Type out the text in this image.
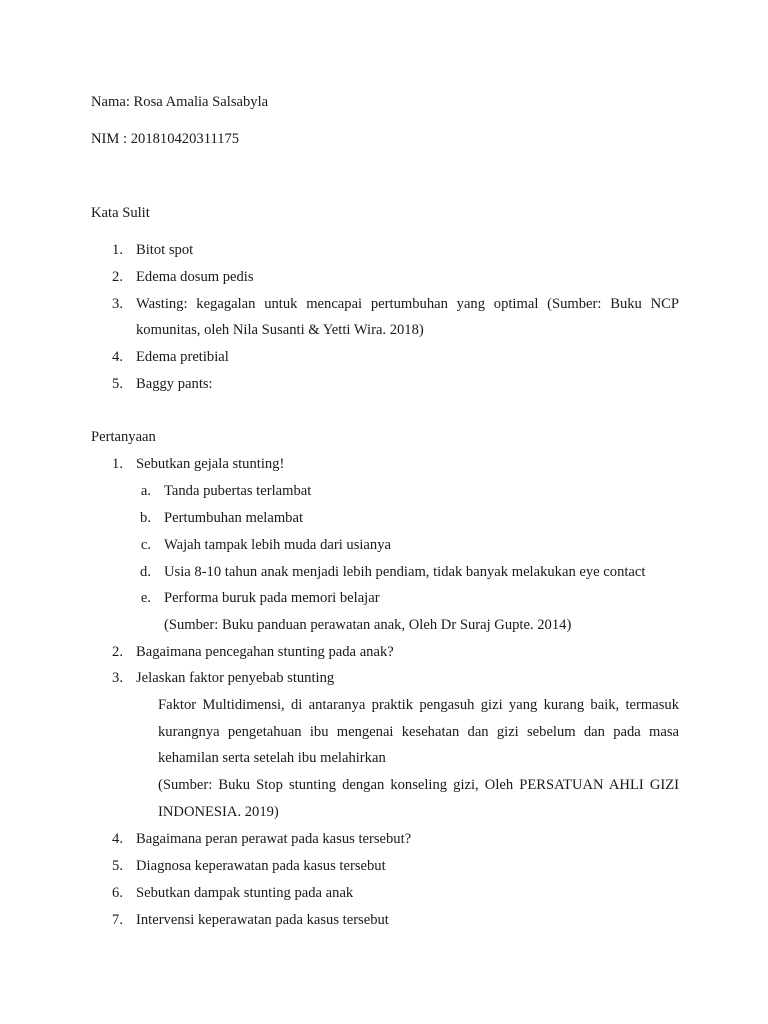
Nama: Rosa Amalia Salsabyla
NIM : 201810420311175
Kata Sulit
1. Bitot spot
2. Edema dosum pedis
3. Wasting: kegagalan untuk mencapai pertumbuhan yang optimal (Sumber: Buku NCP
komunitas, oleh Nila Susanti & Yetti Wira. 2018)
4. Edema pretibial
5. Baggy pants:
Pertanyaan
1. Sebutkan gejala stunting!
a. Tanda pubertas terlambat
b. Pertumbuhan melambat
c. Wajah tampak lebih muda dari usianya
d. Usia 8-10 tahun anak menjadi lebih pendiam, tidak banyak melakukan eye contact
e. Performa buruk pada memori belajar
(Sumber: Buku panduan perawatan anak, Oleh Dr Suraj Gupte. 2014)
2. Bagaimana pencegahan stunting pada anak?
3. Jelaskan faktor penyebab stunting
Faktor Multidimensi, di antaranya praktik pengasuh gizi yang kurang baik, termasuk
kurangnya pengetahuan ibu mengenai kesehatan dan gizi sebelum dan pada masa
kehamilan serta setelah ibu melahirkan
(Sumber: Buku Stop stunting dengan konseling gizi, Oleh PERSATUAN AHLI GIZI
INDONESIA. 2019)
4. Bagaimana peran perawat pada kasus tersebut?
5. Diagnosa keperawatan pada kasus tersebut
6. Sebutkan dampak stunting pada anak
7. Intervensi keperawatan pada kasus tersebut
